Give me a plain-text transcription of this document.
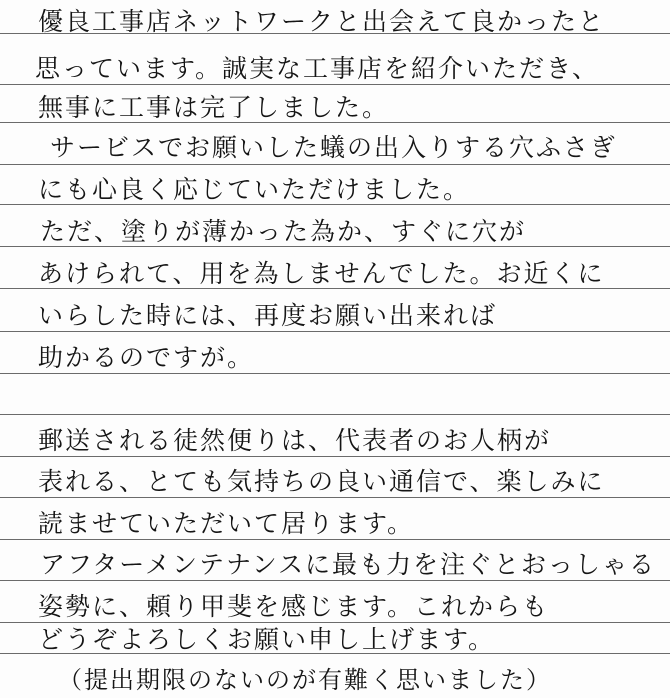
優良工事店ネットワークと出会えて良かったと
思っています。誠実な工事店を紹介いただき、
無事に工事は完了しました。
サービスでお願いした蟻の出入りする穴ふさぎ
にも心良く応じていただけました。
ただ、塗りが薄かった為か、すぐに穴が
あけられて、用を為しませんでした。お近くに
いらした時には、再度お願い出来れば
助かるのですが。
郵送される徒然便りは、代表者のお人柄が
表れる、とても気持ちの良い通信で、楽しみに
読ませていただいて居ります。
アフターメンテナンスに最も力を注ぐとおっしゃる
姿勢に、頼り甲斐を感じます。これからも
どうぞよろしくお願い申し上げます。
（提出期限のないのが有難く思いました）
